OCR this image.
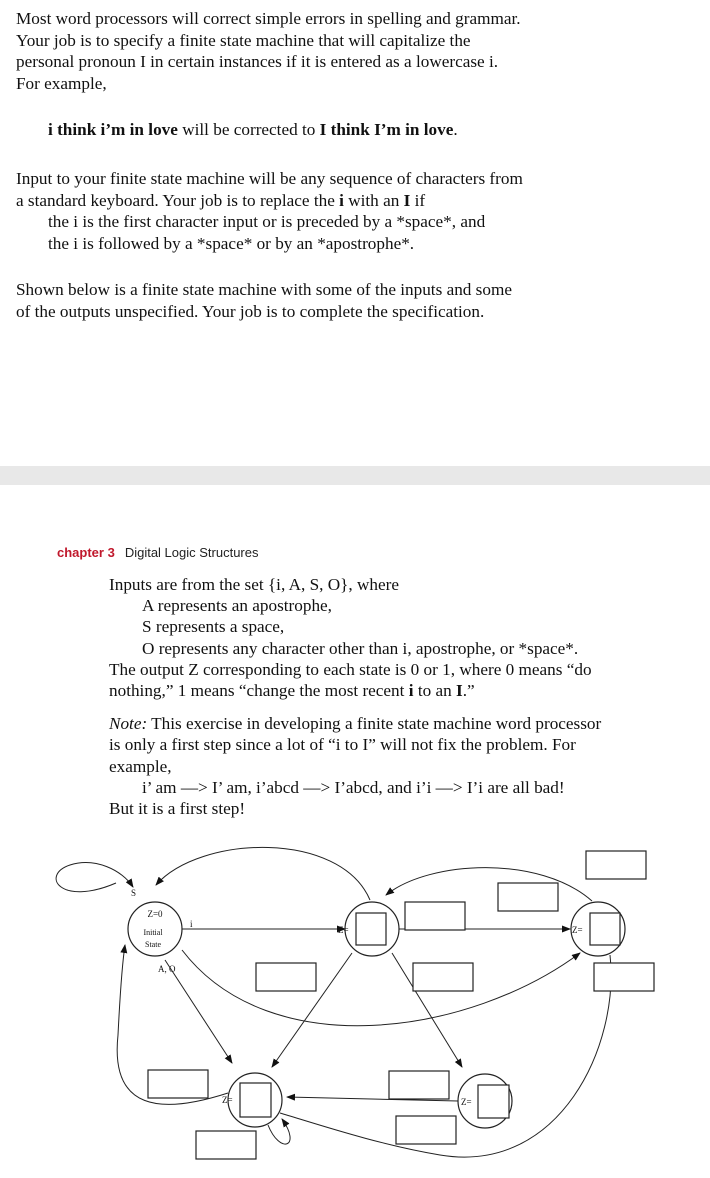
Most word processors will correct simple errors in spelling and grammar.

Your job is to specify a finite state machine that will capitalize the

personal pronoun I in certain instances if it is entered as a lowercase i.

For example,

i think i’m in love will be corrected to I think I’m in love.
Input to your finite state machine will be any sequence of characters from
a standard keyboard. Your job is to replace the i with an I if
the i is the first character input or is preceded by a *space*, and
the i is followed by a *space* or by an *apostrophe*.
Shown below is a finite state machine with some of the inputs and some
of the outputs unspecified. Your job is to complete the specification.
chapter 3 Digital Logic Structures

Inputs are from the set {i, A, S, O}, where

A represents an apostrophe,

S represents a space,

O represents any character other than i, apostrophe, or *space*.

The output Z corresponding to each state is 0 or 1, where 0 means “do

nothing,” 1 means “change the most recent i to an I.”

Note: This exercise in developing a finite state machine word processor

is only a first step since a lot of “i to I” will not fix the problem. For

example,

i’ am —> I’ am, i’abcd —> I’abcd, and i’i —> I’i are all bad!

But it is a first step!

Z=0
Initial
State
Z=	Z=
Z=	Z=
S
i
A, O
